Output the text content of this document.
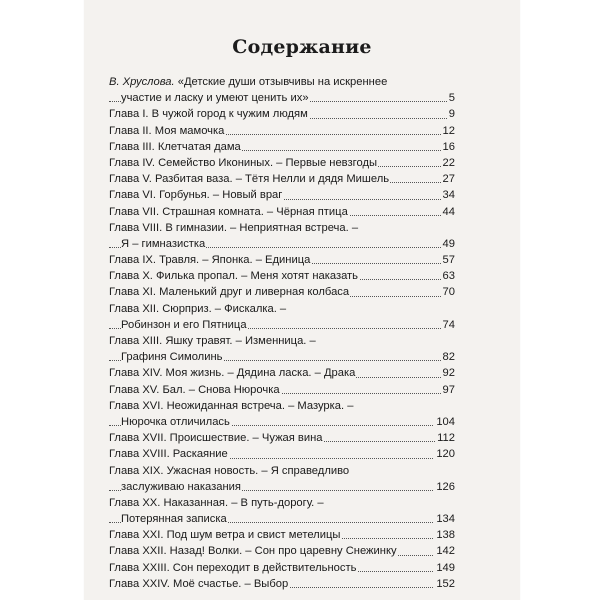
Содержание
В. Хруслова. «Детские души отзывчивы на искреннее
участие и ласку и умеют ценить их»	5
Глава I. В чужой город к чужим людям	9
Глава II. Моя мамочка	12
Глава III. Клетчатая дама	16
Глава IV. Семейство Икониных. – Первые невзгоды	22
Глава V. Разбитая ваза. – Тётя Нелли и дядя Мишель	27
Глава VI. Горбунья. – Новый враг	34
Глава VII. Страшная комната. – Чёрная птица	44
Глава VIII. В гимназии. – Неприятная встреча. –
Я – гимназистка	49
Глава IX. Травля. – Японка. – Единица	57
Глава X. Филька пропал. – Меня хотят наказать	63
Глава XI. Маленький друг и ливерная колбаса	70
Глава XII. Сюрприз. – Фискалка. –
Робинзон и его Пятница	74
Глава XIII. Яшку травят. – Изменница. –
Графиня Симолинь	82
Глава XIV. Моя жизнь. – Дядина ласка. – Драка	92
Глава XV. Бал. – Снова Нюрочка	97
Глава XVI. Неожиданная встреча. – Мазурка. –
Нюрочка отличилась	104
Глава XVII. Происшествие. – Чужая вина	112
Глава XVIII. Раскаяние	120
Глава XIX. Ужасная новость. – Я справедливо
заслуживаю наказания	126
Глава XX. Наказанная. – В путь-дорогу. –
Потерянная записка	134
Глава XXI. Под шум ветра и свист метелицы	138
Глава XXII. Назад! Волки. – Сон про царевну Снежинку	142
Глава XXIII. Сон переходит в действительность	149
Глава XXIV. Моё счастье. – Выбор	152
